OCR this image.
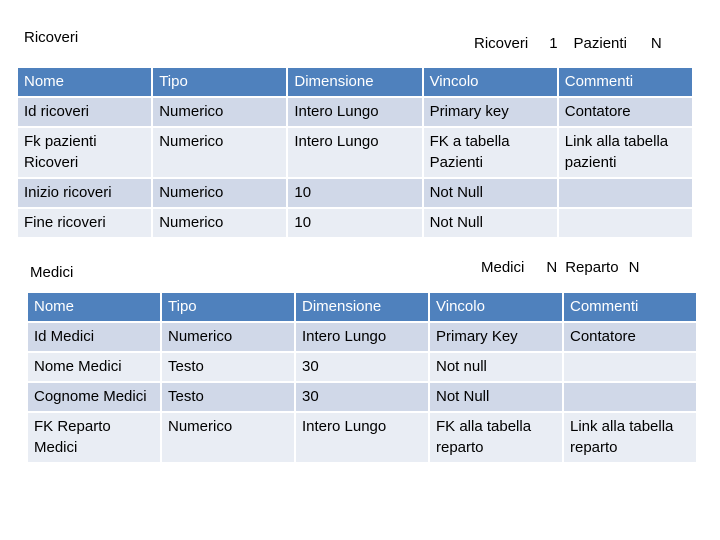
Ricoveri	Ricoveri 1 Pazienti N
Nome	Tipo	Dimensione	Vincolo	Commenti
Id ricoveri	Numerico	Intero Lungo	Primary key	Contatore
Fk pazienti Ricoveri	Numerico	Intero Lungo	FK a tabella Pazienti	Link alla tabella pazienti
Inizio ricoveri	Numerico	10	Not Null	
Fine ricoveri	Numerico	10	Not Null	
Medici	Medici N Reparto N
Nome	Tipo	Dimensione	Vincolo	Commenti
Id Medici	Numerico	Intero Lungo	Primary Key	Contatore
Nome Medici	Testo	30	Not null	
Cognome Medici	Testo	30	Not Null	
FK Reparto Medici	Numerico	Intero Lungo	FK alla tabella reparto	Link alla tabella reparto
